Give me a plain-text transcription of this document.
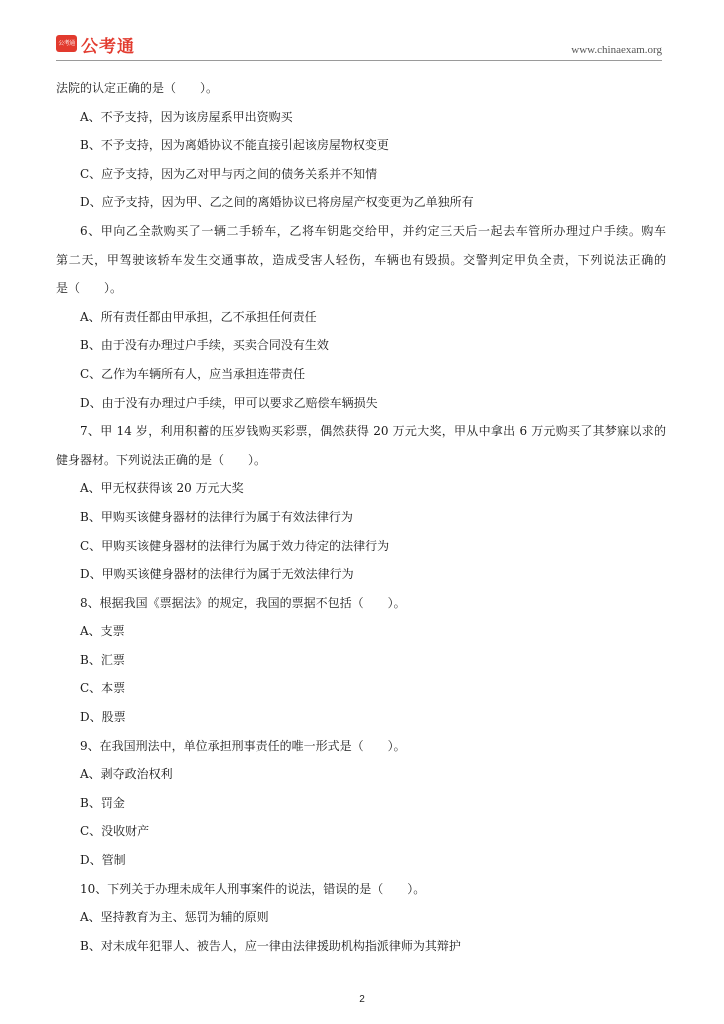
公考通 公考通	www.chinaexam.org
法院的认定正确的是（　　）。
A、不予支持，因为该房屋系甲出资购买
B、不予支持，因为离婚协议不能直接引起该房屋物权变更
C、应予支持，因为乙对甲与丙之间的债务关系并不知情
D、应予支持，因为甲、乙之间的离婚协议已将房屋产权变更为乙单独所有
6、甲向乙全款购买了一辆二手轿车，乙将车钥匙交给甲，并约定三天后一起去车管所办理过户手续。购车
第二天，甲驾驶该轿车发生交通事故，造成受害人轻伤，车辆也有毁损。交警判定甲负全责，下列说法正确的
是（　　）。
A、所有责任都由甲承担，乙不承担任何责任
B、由于没有办理过户手续，买卖合同没有生效
C、乙作为车辆所有人，应当承担连带责任
D、由于没有办理过户手续，甲可以要求乙赔偿车辆损失
7、甲 14 岁，利用积蓄的压岁钱购买彩票，偶然获得 20 万元大奖，甲从中拿出 6 万元购买了其梦寐以求的
健身器材。下列说法正确的是（　　）。
A、甲无权获得该 20 万元大奖
B、甲购买该健身器材的法律行为属于有效法律行为
C、甲购买该健身器材的法律行为属于效力待定的法律行为
D、甲购买该健身器材的法律行为属于无效法律行为
8、根据我国《票据法》的规定，我国的票据不包括（　　）。
A、支票
B、汇票
C、本票
D、股票
9、在我国刑法中，单位承担刑事责任的唯一形式是（　　）。
A、剥夺政治权利
B、罚金
C、没收财产
D、管制
10、下列关于办理未成年人刑事案件的说法，错误的是（　　）。
A、坚持教育为主、惩罚为辅的原则
B、对未成年犯罪人、被告人，应一律由法律援助机构指派律师为其辩护
2
